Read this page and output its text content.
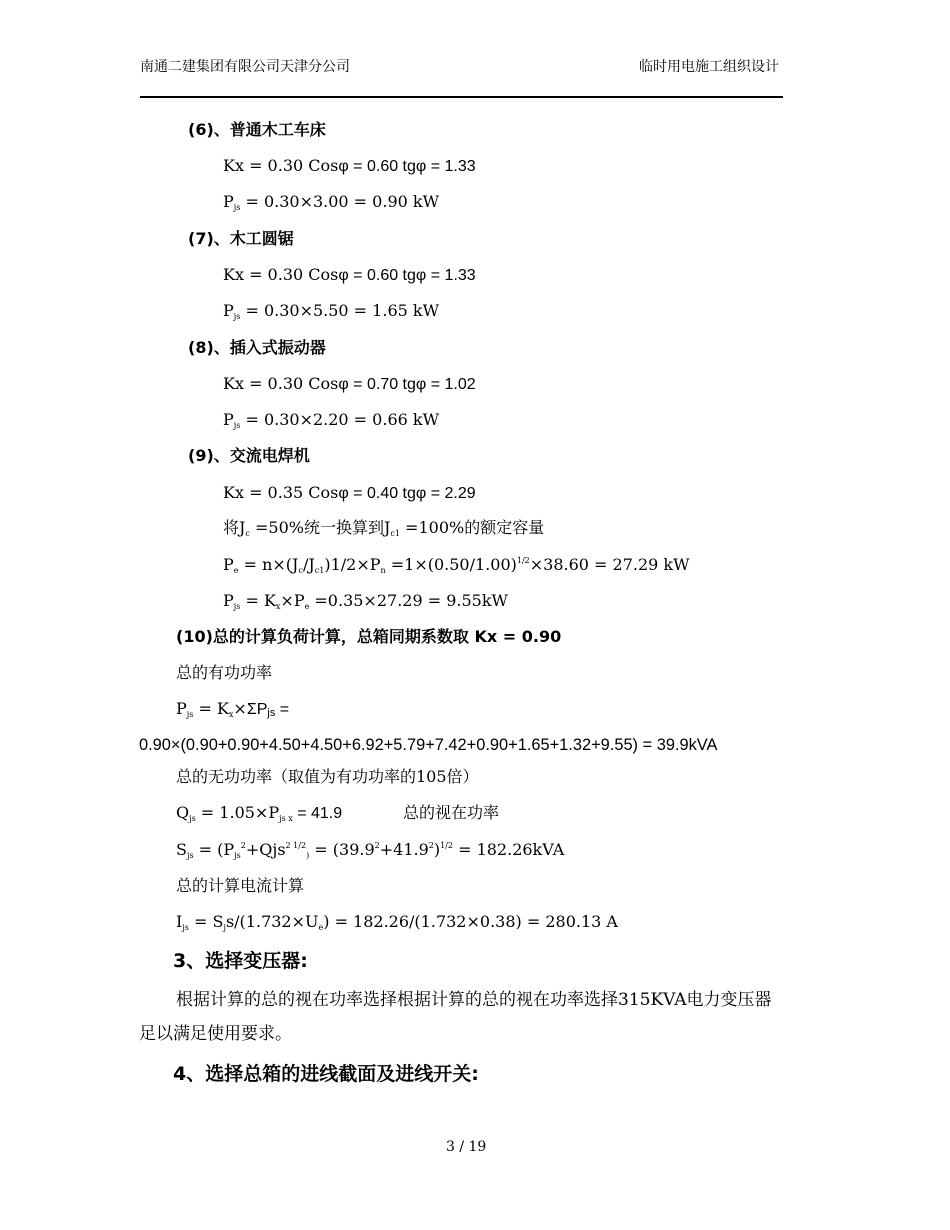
南通二建集团有限公司天津分公司	临时用电施工组织设计
(6)、普通木工车床
Kx = 0.30 Cosφ = 0.60 tgφ = 1.33
$P_{js} = 0.30\times 3.00 = 0.90$ kW
(7)、木工圆锯
Kx = 0.30 Cosφ = 0.60 tgφ = 1.33
$P_{js} = 0.30\times 5.50 = 1.65$ kW
(8)、插入式振动器
Kx = 0.30 Cosφ = 0.70 tgφ = 1.02
$P_{js} = 0.30\times 2.20 = 0.66$ kW
(9)、交流电焊机
Kx = 0.35 Cosφ = 0.40 tgφ = 2.29
将$J_c =50\%$统一换算到$J_{c1} =100\%$的额定容量
$P_e = n\times(J_c/J_{c1})1/2\times P_n =1\times(0.50/1.00)^{1/2}\times 38.60 = 27.29$ kW
$P_{js} = K_x\times P_e =0.35\times 27.29 = 9.55kW$
(10)总的计算负荷计算，总箱同期系数取 Kx = 0.90
总的有功功率
$P_{js} = K_x\times\Sigma Pjs$ =
0.90×(0.90+0.90+4.50+4.50+6.92+5.79+7.42+0.90+1.65+1.32+9.55) = 39.9kVA
总的无功功率（取值为有功功率的105倍）
$Q_{js} = 1.05\times P_{js}$ $_x$ = 41.9	总的视在功率
$S_{js} = (P_{js}^2+Qjs^{2 1/2}_) = (39.9^2+41.9^2)^{1/2} = 182.26kVA$
总的计算电流计算
$I_{js} = S_js/(1.732\times U_e) = 182.26/(1.732\times 0.38) = 280.13$ A
3、选择变压器:
根据计算的总的视在功率选择根据计算的总的视在功率选择315KVA电力变压器
足以满足使用要求。
4、选择总箱的进线截面及进线开关:
3 / 19
